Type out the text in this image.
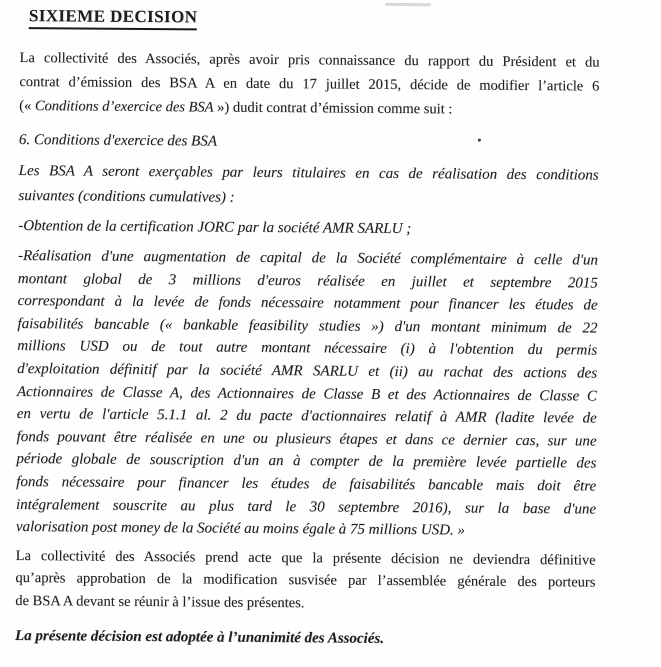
SIXIEME DECISION

La collectivité des Associés, après avoir pris connaissance du rapport du Président et du
contrat d’émission des BSA A en date du 17 juillet 2015, décide de modifier l’article 6
(« Conditions d’exercice des BSA ») dudit contrat d’émission comme suit :

6. Conditions d'exercice des BSA

Les BSA A seront exerçables par leurs titulaires en cas de réalisation des conditions
suivantes (conditions cumulatives) :

-Obtention de la certification JORC par la société AMR SARLU ;

-Réalisation d'une augmentation de capital de la Société complémentaire à celle d'un
montant global de 3 millions d'euros réalisée en juillet et septembre 2015
correspondant à la levée de fonds nécessaire notamment pour financer les études de
faisabilités bancable (« bankable feasibility studies ») d'un montant minimum de 22
millions USD ou de tout autre montant nécessaire (i) à l'obtention du permis
d'exploitation définitif par la société AMR SARLU et (ii) au rachat des actions des
Actionnaires de Classe A, des Actionnaires de Classe B et des Actionnaires de Classe C
en vertu de l'article 5.1.1 al. 2 du pacte d'actionnaires relatif à AMR (ladite levée de
fonds pouvant être réalisée en une ou plusieurs étapes et dans ce dernier cas, sur une
période globale de souscription d'un an à compter de la première levée partielle des
fonds nécessaire pour financer les études de faisabilités bancable mais doit être
intégralement souscrite au plus tard le 30 septembre 2016), sur la base d'une
valorisation post money de la Société au moins égale à 75 millions USD. »

La collectivité des Associés prend acte que la présente décision ne deviendra définitive
qu’après approbation de la modification susvisée par l’assemblée générale des porteurs
de BSA A devant se réunir à l’issue des présentes.

La présente décision est adoptée à l’unanimité des Associés.
